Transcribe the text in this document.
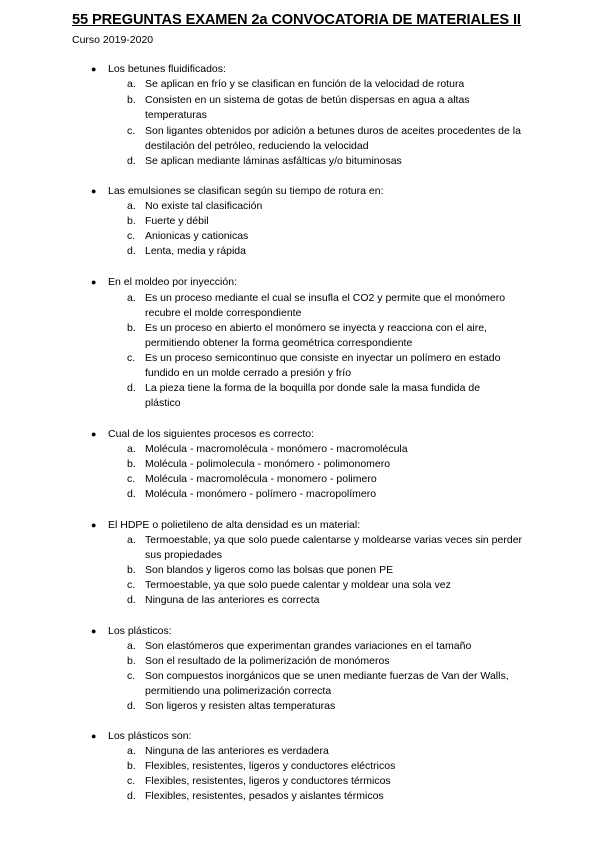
55 PREGUNTAS EXAMEN 2a CONVOCATORIA DE MATERIALES II
Curso 2019-2020
● Los betunes fluidificados:
a. Se aplican en frío y se clasifican en función de la velocidad de rotura
b. Consisten en un sistema de gotas de betún dispersas en agua a altas temperaturas
c. Son ligantes obtenidos por adición a betunes duros de aceites procedentes de la destilación del petróleo, reduciendo la velocidad
d. Se aplican mediante láminas asfálticas y/o bituminosas
● Las emulsiones se clasifican según su tiempo de rotura en:
a. No existe tal clasificación
b. Fuerte y débil
c. Anionicas y cationicas
d. Lenta, media y rápida
● En el moldeo por inyección:
a. Es un proceso mediante el cual se insufla el CO2 y permite que el monómero recubre el molde correspondiente
b. Es un proceso en abierto el monómero se inyecta y reacciona con el aire, permitiendo obtener la forma geométrica correspondiente
c. Es un proceso semicontinuo que consiste en inyectar un polímero en estado fundido en un molde cerrado a presión y frío
d. La pieza tiene la forma de la boquilla por donde sale la masa fundida de plástico
● Cual de los siguientes procesos es correcto:
a. Molécula - macromolécula - monómero - macromolécula
b. Molécula - polimolecula - monómero - polimonomero
c. Molécula - macromolécula - monomero - polimero
d. Molécula - monómero - polímero - macropolímero
● El HDPE o polietileno de alta densidad es un material:
a. Termoestable, ya que solo puede calentarse y moldearse varias veces sin perder sus propiedades
b. Son blandos y ligeros como las bolsas que ponen PE
c. Termoestable, ya que solo puede calentar y moldear una sola vez
d. Ninguna de las anteriores es correcta
● Los plásticos:
a. Son elastómeros que experimentan grandes variaciones en el tamaño
b. Son el resultado de la polimerización de monómeros
c. Son compuestos inorgánicos que se unen mediante fuerzas de Van der Walls, permitiendo una polimerización correcta
d. Son ligeros y resisten altas temperaturas
● Los plásticos son:
a. Ninguna de las anteriores es verdadera
b. Flexibles, resistentes, ligeros y conductores eléctricos
c. Flexibles, resistentes, ligeros y conductores térmicos
d. Flexibles, resistentes, pesados y aislantes térmicos
